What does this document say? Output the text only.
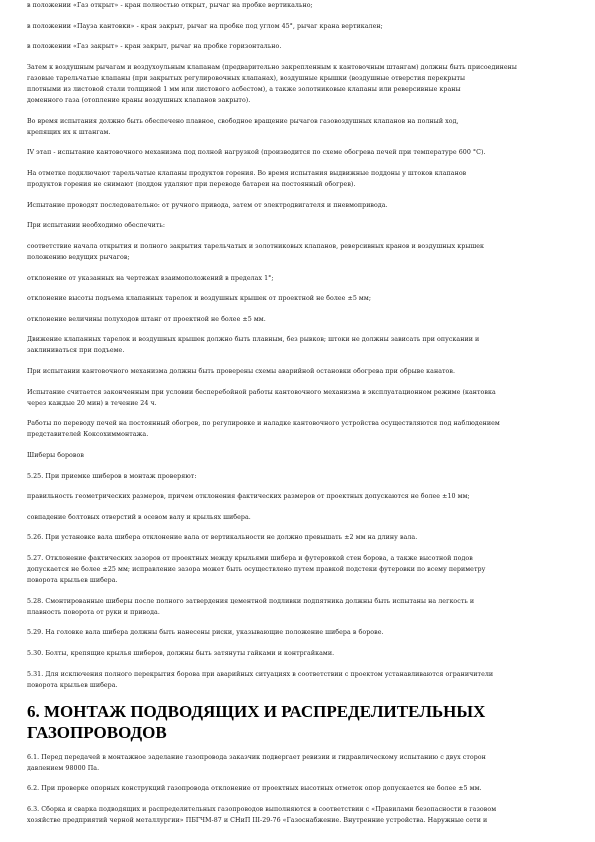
в положении «Газ открыт» - кран полностью открыт, рычаг на пробке вертикально;
в положении «Пауза кантовки» - кран закрыт, рычаг на пробке под углом 45°, рычаг крана вертикален;
в положении «Газ закрыт» - кран закрыт, рычаг на пробке горизонтально.
Затем к воздушным рычагам и воздухоульным клапанам (предварительно закрепленным к кантовочным штангам) должны быть присоединены
газовые тарельчатые клапаны (при закрытых регулировочных клапанах), воздушные крышки (воздушные отверстия перекрыты
плотными из листовой стали толщиной 1 мм или листового асбестом), а также золотниковые клапаны или реверсивные краны
доменного газа (отопление краны воздушных клапанов закрыто).
Во время испытания должно быть обеспечено плавное, свободное вращение рычагов газовоздушных клапанов на полный ход,
крепящих их к штангам.
IV этап - испытание кантовочного механизма под полной нагрузкой (производится по схеме обогрева печей при температуре 600 °С).
На отметке подключают тарельчатые клапаны продуктов горения. Во время испытания выдвижные поддоны у штоков клапанов
продуктов горения не снимают (поддон удаляют при переводе батареи на постоянный обогрев).
Испытание проводят последовательно: от ручного привода, затем от электродвигателя и пневмопривода.
При испытании необходимо обеспечить:
соответствие начала открытия и полного закрытия тарельчатых и золотниковых клапанов, реверсивных кранов и воздушных крышек
положению ведущих рычагов;
отклонение от указанных на чертежах взаимоположений в пределах 1°;
отклонение высоты подъема клапанных тарелок и воздушных крышек от проектной не более ±5 мм;
отклонение величины полуходов штанг от проектной не более ±5 мм.
Движение клапанных тарелок и воздушных крышек должно быть плавным, без рывков; штоки не должны зависать при опускании и
заклиниваться при подъеме.
При испытании кантовочного механизма должны быть проверены схемы аварийной остановки обогрева при обрыве канатов.
Испытание считается законченным при условии бесперебойной работы кантовочного механизма в эксплуатационном режиме (кантовка
через каждые 20 мин) в течение 24 ч.
Работы по переводу печей на постоянный обогрев, по регулировке и наладке кантовочного устройства осуществляются под наблюдением
представителей Коксохиммонтажа.
Шиберы боровов
5.25. При приемке шиберов в монтаж проверяют:
правильность геометрических размеров, причем отклонения фактических размеров от проектных допускаются не более ±10 мм;
совпадение болтовых отверстий в осевом валу и крыльях шибера.
5.26. При установке вала шибера отклонение вала от вертикальности не должно превышать ±2 мм на длину вала.
5.27. Отклонение фактических зазоров от проектных между крыльями шибера и футеровкой стен борова, а также высотной подов
допускается не более ±25 мм; исправление зазора может быть осуществлено путем правкой подстеки футеровки по всему периметру
поворота крыльев шибера.
5.28. Смонтированные шиберы после полного затвердения цементной подливки подпятника должны быть испытаны на легкость и
плавность поворота от руки и привода.
5.29. На головке вала шибера должны быть нанесены риски, указывающие положение шибера в борове.
5.30. Болты, крепящие крылья шиберов, должны быть затянуты гайками и контргайками.
5.31. Для исключения полного перекрытия борова при аварийных ситуациях в соответствии с проектом устанавливаются ограничители
поворота крыльев шибера.
6. МОНТАЖ ПОДВОДЯЩИХ И РАСПРЕДЕЛИТЕЛЬНЫХ
ГАЗОПРОВОДОВ
6.1. Перед передачей в монтажное заделание газопровода заказчик подвергает ревизии и гидравлическому испытанию с двух сторон
давлением 98000 Па.
6.2. При проверке опорных конструкций газопровода отклонение от проектных высотных отметок опор допускается не более ±5 мм.
6.3. Сборка и сварка подводящих и распределительных газопроводов выполняются в соответствии с «Правилами безопасности в газовом
хозяйстве предприятий черной металлургии» ПБГЧМ-87 и СНиП III-29-76 «Газоснабжение. Внутренние устройства. Наружные сети и
